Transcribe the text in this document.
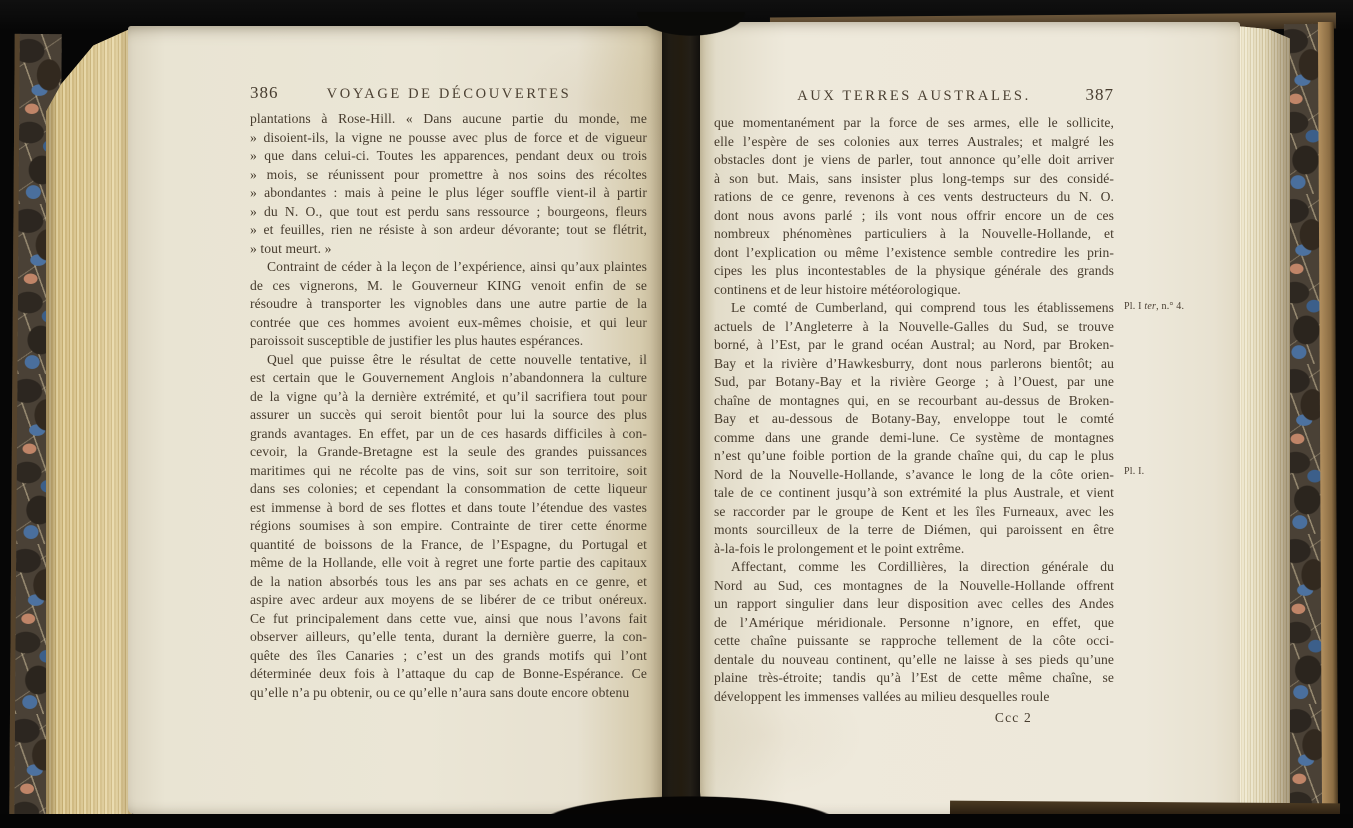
386	VOYAGE DE DÉCOUVERTES
plantations à Rose-Hill. « Dans aucune partie du monde, me
» disoient-ils, la vigne ne pousse avec plus de force et de vigueur
» que dans celui-ci. Toutes les apparences, pendant deux ou trois
» mois, se réunissent pour promettre à nos soins des récoltes
» abondantes : mais à peine le plus léger souffle vient-il à partir
» du N. O., que tout est perdu sans ressource ; bourgeons, fleurs
» et feuilles, rien ne résiste à son ardeur dévorante; tout se flétrit,
» tout meurt. »
Contraint de céder à la leçon de l’expérience, ainsi qu’aux plaintes
de ces vignerons, M. le Gouverneur KING venoit enfin de se
résoudre à transporter les vignobles dans une autre partie de la
contrée que ces hommes avoient eux-mêmes choisie, et qui leur
paroissoit susceptible de justifier les plus hautes espérances.
Quel que puisse être le résultat de cette nouvelle tentative, il
est certain que le Gouvernement Anglois n’abandonnera la culture
de la vigne qu’à la dernière extrémité, et qu’il sacrifiera tout pour
assurer un succès qui seroit bientôt pour lui la source des plus
grands avantages. En effet, par un de ces hasards difficiles à con-
cevoir, la Grande-Bretagne est la seule des grandes puissances
maritimes qui ne récolte pas de vins, soit sur son territoire, soit
dans ses colonies; et cependant la consommation de cette liqueur
est immense à bord de ses flottes et dans toute l’étendue des vastes
régions soumises à son empire. Contrainte de tirer cette énorme
quantité de boissons de la France, de l’Espagne, du Portugal et
même de la Hollande, elle voit à regret une forte partie des capitaux
de la nation absorbés tous les ans par ses achats en ce genre, et
aspire avec ardeur aux moyens de se libérer de ce tribut onéreux.
Ce fut principalement dans cette vue, ainsi que nous l’avons fait
observer ailleurs, qu’elle tenta, durant la dernière guerre, la con-
quête des îles Canaries ; c’est un des grands motifs qui l’ont
déterminée deux fois à l’attaque du cap de Bonne-Espérance. Ce
qu’elle n’a pu obtenir, ou ce qu’elle n’aura sans doute encore obtenu
AUX TERRES AUSTRALES.	387
que momentanément par la force de ses armes, elle le sollicite,
elle l’espère de ses colonies aux terres Australes; et malgré les
obstacles dont je viens de parler, tout annonce qu’elle doit arriver
à son but. Mais, sans insister plus long-temps sur des considé-
rations de ce genre, revenons à ces vents destructeurs du N. O.
dont nous avons parlé ; ils vont nous offrir encore un de ces
nombreux phénomènes particuliers à la Nouvelle-Hollande, et
dont l’explication ou même l’existence semble contredire les prin-
cipes les plus incontestables de la physique générale des grands
continens et de leur histoire météorologique.
Le comté de Cumberland, qui comprend tous les établissemens
actuels de l’Angleterre à la Nouvelle-Galles du Sud, se trouve
borné, à l’Est, par le grand océan Austral; au Nord, par Broken-
Bay et la rivière d’Hawkesburry, dont nous parlerons bientôt; au
Sud, par Botany-Bay et la rivière George ; à l’Ouest, par une
chaîne de montagnes qui, en se recourbant au-dessus de Broken-
Bay et au-dessous de Botany-Bay, enveloppe tout le comté
comme dans une grande demi-lune. Ce système de montagnes
n’est qu’une foible portion de la grande chaîne qui, du cap le plus
Nord de la Nouvelle-Hollande, s’avance le long de la côte orien-
tale de ce continent jusqu’à son extrémité la plus Australe, et vient
se raccorder par le groupe de Kent et les îles Furneaux, avec les
monts sourcilleux de la terre de Diémen, qui paroissent en être
à-la-fois le prolongement et le point extrême.
Affectant, comme les Cordillières, la direction générale du
Nord au Sud, ces montagnes de la Nouvelle-Hollande offrent
un rapport singulier dans leur disposition avec celles des Andes
de l’Amérique méridionale. Personne n’ignore, en effet, que
cette chaîne puissante se rapproche tellement de la côte occi-
dentale du nouveau continent, qu’elle ne laisse à ses pieds qu’une
plaine très-étroite; tandis qu’à l’Est de cette même chaîne, se
développent les immenses vallées au milieu desquelles roule
Pl. I ter, n.° 4.
Pl. I.
Ccc 2
